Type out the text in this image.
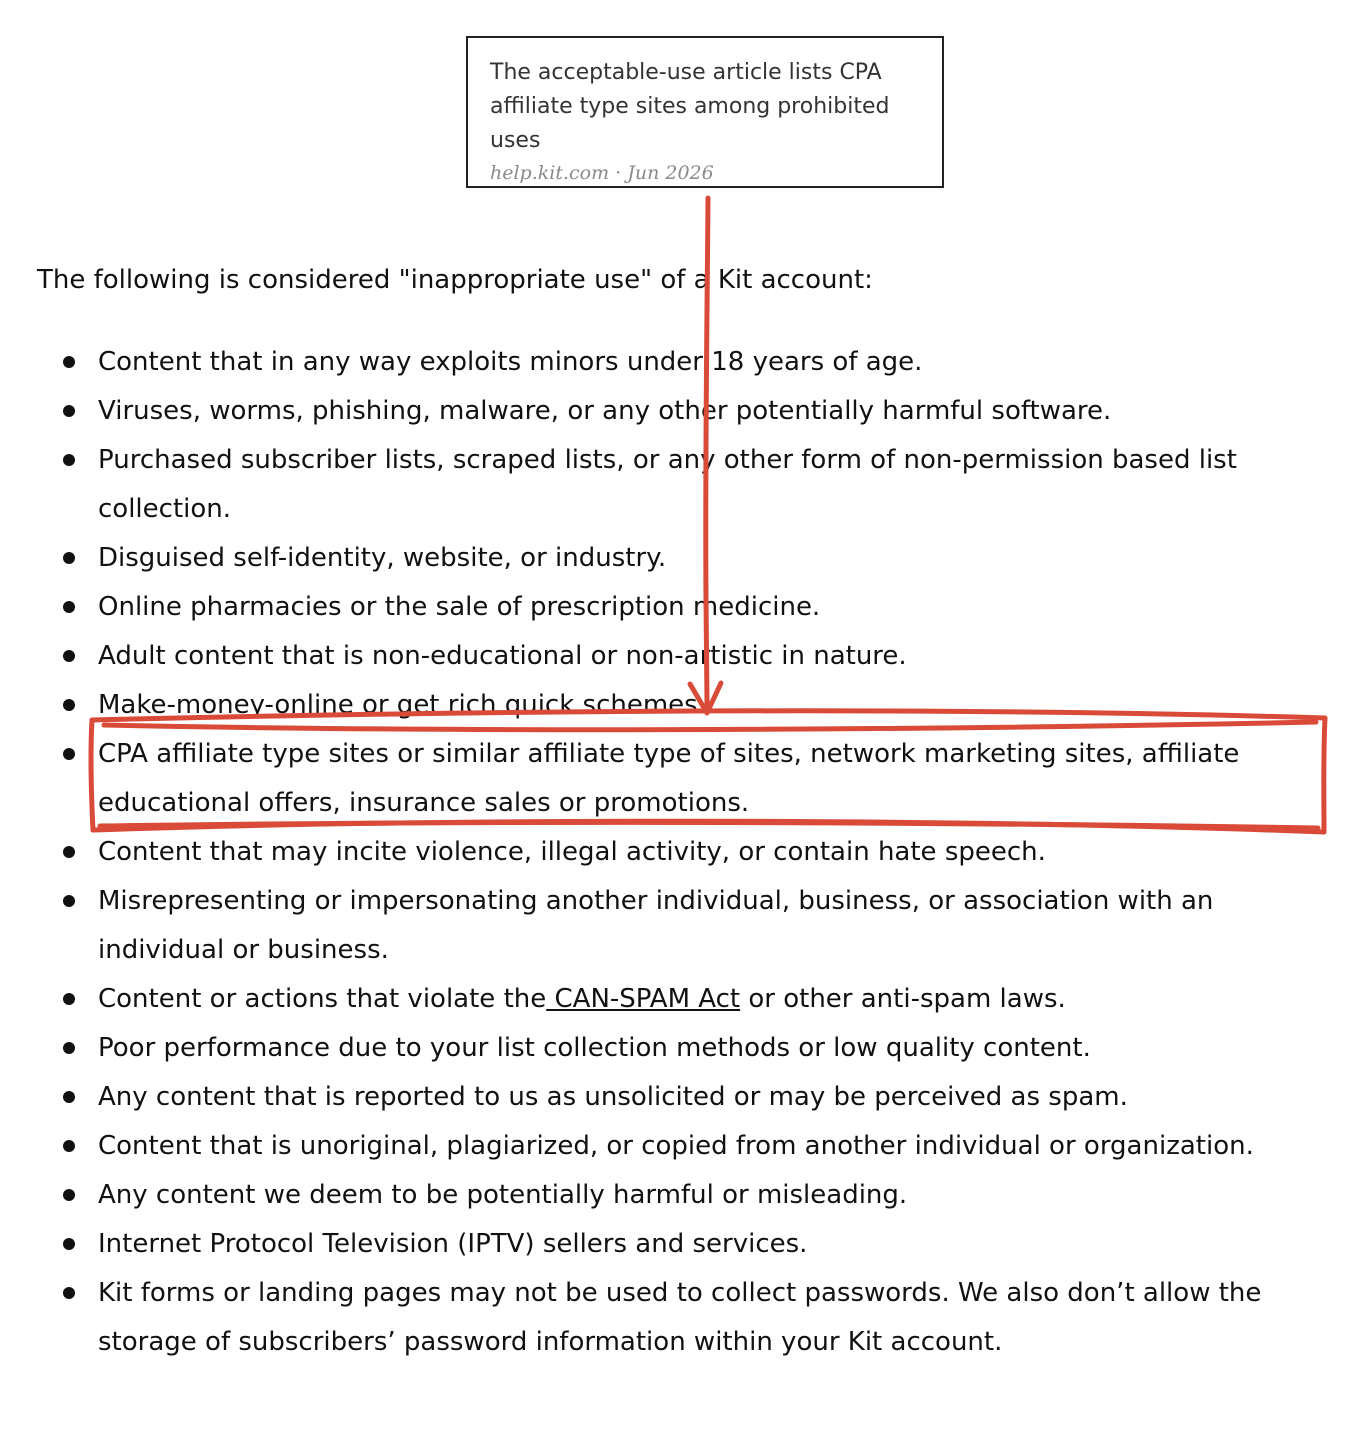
The acceptable-use article lists CPA affiliate type sites among prohibited uses

help.kit.com · Jun 2026

The following is considered "inappropriate use" of a Kit account:

Content that in any way exploits minors under 18 years of age.
Viruses, worms, phishing, malware, or any other potentially harmful software.
Purchased subscriber lists, scraped lists, or any other form of non-permission based list collection.
Disguised self-identity, website, or industry.
Online pharmacies or the sale of prescription medicine.
Adult content that is non-educational or non-artistic in nature.
Make-money-online or get rich quick schemes.
CPA affiliate type sites or similar affiliate type of sites, network marketing sites, affiliate educational offers, insurance sales or promotions.
Content that may incite violence, illegal activity, or contain hate speech.
Misrepresenting or impersonating another individual, business, or association with an individual or business.
Content or actions that violate the CAN-SPAM Act or other anti-spam laws.
Poor performance due to your list collection methods or low quality content.
Any content that is reported to us as unsolicited or may be perceived as spam.
Content that is unoriginal, plagiarized, or copied from another individual or organization.
Any content we deem to be potentially harmful or misleading.
Internet Protocol Television (IPTV) sellers and services.
Kit forms or landing pages may not be used to collect passwords. We also don’t allow the storage of subscribers’ password information within your Kit account.
